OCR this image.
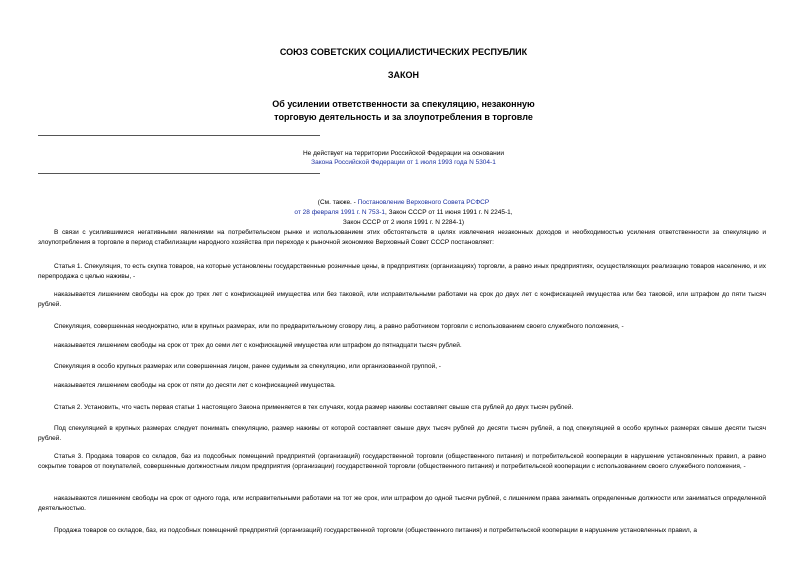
СОЮЗ СОВЕТСКИХ СОЦИАЛИСТИЧЕСКИХ РЕСПУБЛИК
ЗАКОН
Об усилении ответственности за спекуляцию, незаконную
торговую деятельность и за злоупотребления в торговле
Не действует на территории Российской Федерации на основании
Закона Российской Федерации от 1 июля 1993 года N 5304-1
(См. также. - Постановление Верховного Совета РСФСР
от 28 февраля 1991 г. N 753-1, Закон СССР от 11 июня 1991 г. N 2245-1,
Закон СССР от 2 июля 1991 г. N 2284-1)
В связи с усилившимися негативными явлениями на потребительском рынке и использованием этих обстоятельств в целях извлечения незаконных доходов и необходимостью усиления ответственности за спекуляцию и злоупотребления в торговле в период стабилизации народного хозяйства при переходе к рыночной экономике Верховный Совет СССР постановляет:
Статья 1. Спекуляция, то есть скупка товаров, на которые установлены государственные розничные цены, в предприятиях (организациях) торговли, а равно иных предприятиях, осуществляющих реализацию товаров населению, и их перепродажа с целью наживы, -
наказывается лишением свободы на срок до трех лет с конфискацией имущества или без таковой, или исправительными работами на срок до двух лет с конфискацией имущества или без таковой, или штрафом до пяти тысяч рублей.
Спекуляция, совершенная неоднократно, или в крупных размерах, или по предварительному сговору лиц, а равно работником торговли с использованием своего служебного положения, -
наказывается лишением свободы на срок от трех до семи лет с конфискацией имущества или штрафом до пятнадцати тысяч рублей.
Спекуляция в особо крупных размерах или совершенная лицом, ранее судимым за спекуляцию, или организованной группой, -
наказывается лишением свободы на срок от пяти до десяти лет с конфискацией имущества.
Статья 2. Установить, что часть первая статьи 1 настоящего Закона применяется в тех случаях, когда размер наживы составляет свыше ста рублей до двух тысяч рублей.
Под спекуляцией в крупных размерах следует понимать спекуляцию, размер наживы от которой составляет свыше двух тысяч рублей до десяти тысяч рублей, а под спекуляцией в особо крупных размерах свыше десяти тысяч рублей.
Статья 3. Продажа товаров со складов, баз из подсобных помещений предприятий (организаций) государственной торговли (общественного питания) и потребительской кооперации в нарушение установленных правил, а равно сокрытие товаров от покупателей, совершенные должностным лицом предприятия (организации) государственной торговли (общественного питания) и потребительской кооперации с использованием своего служебного положения, -
наказываются лишением свободы на срок от одного года, или исправительными работами на тот же срок, или штрафом до одной тысячи рублей, с лишением права занимать определенные должности или заниматься определенной деятельностью.
Продажа товаров со складов, баз, из подсобных помещений предприятий (организаций) государственной торговли (общественного питания) и потребительской кооперации в нарушение установленных правил, а
